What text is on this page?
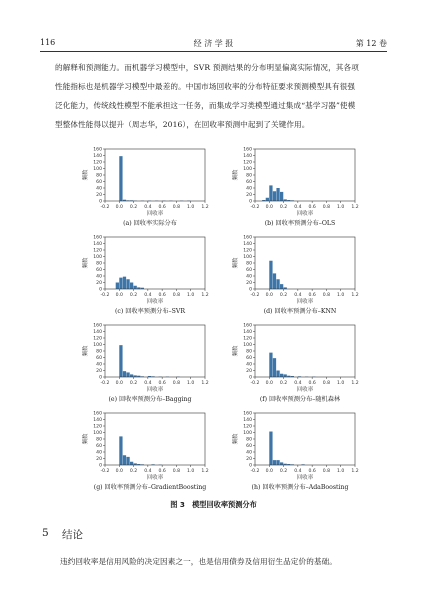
116	经 济 学 报	第 12 卷
的解释和预测能力。而机器学习模型中，SVR 预测结果的分布明显偏离实际情况，其各项
性能指标也是机器学习模型中最差的。中国市场回收率的分布特征要求预测模型具有很强
泛化能力，传统线性模型不能承担这一任务，而集成学习类模型通过集成“基学习器”使模
型整体性能得以提升（周志华，2016），在回收率预测中起到了关键作用。
0
20
40
60
80
100
120
140
160
-0.2 0.0 0.2 0.4 0.6 0.8 1.0 1.2
回收率
频数
(a) 回收率实际分布
0
20
40
60
80
100
120
140
160
-0.2 0.0 0.2 0.4 0.6 0.8 1.0 1.2
回收率
频数
(b) 回收率预测分布–OLS
0
20
40
60
80
100
120
140
160
-0.2 0.0 0.2 0.4 0.6 0.8 1.0 1.2
回收率
频数
(c) 回收率预测分布–SVR
0
20
40
60
80
100
120
140
160
-0.2 0.0 0.2 0.4 0.6 0.8 1.0 1.2
回收率
频数
(d) 回收率预测分布–KNN
0
20
40
60
80
100
120
140
160
-0.2 0.0 0.2 0.4 0.6 0.8 1.0 1.2
回收率
频数
(e) 回收率预测分布–Bagging
0
20
40
60
80
100
120
140
160
-0.2 0.0 0.2 0.4 0.6 0.8 1.0 1.2
回收率
频数
(f) 回收率预测分布–随机森林
0
20
40
60
80
100
120
140
160
-0.2 0.0 0.2 0.4 0.6 0.8 1.0 1.2
回收率
频数
(g) 回收率预测分布–GradientBoosting
0
20
40
60
80
100
120
140
160
-0.2 0.0 0.2 0.4 0.6 0.8 1.0 1.2
回收率
频数
(h) 回收率预测分布–AdaBoosting
图 3　模型回收率预测分布
5 结论
违约回收率是信用风险的决定因素之一，也是信用债券及信用衍生品定价的基础。
